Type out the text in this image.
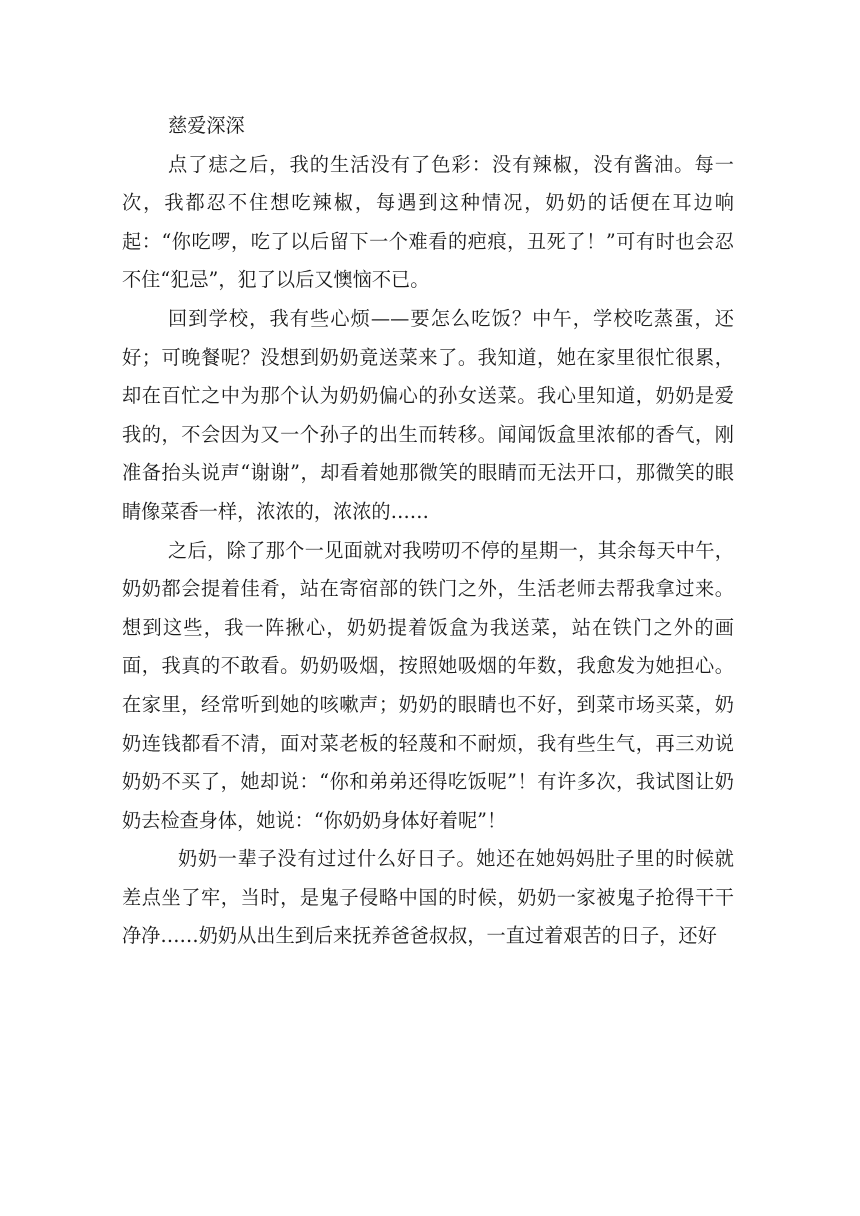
慈爱深深

点了痣之后，我的生活没有了色彩：没有辣椒，没有酱油。每一次，我都忍不住想吃辣椒，每遇到这种情况，奶奶的话便在耳边响起：“你吃啰，吃了以后留下一个难看的疤痕，丑死了！”可有时也会忍不住“犯忌”，犯了以后又懊恼不已。

回到学校，我有些心烦——要怎么吃饭？中午，学校吃蒸蛋，还好；可晚餐呢？没想到奶奶竟送菜来了。我知道，她在家里很忙很累，却在百忙之中为那个认为奶奶偏心的孙女送菜。我心里知道，奶奶是爱我的，不会因为又一个孙子的出生而转移。闻闻饭盒里浓郁的香气，刚准备抬头说声“谢谢”，却看着她那微笑的眼睛而无法开口，那微笑的眼睛像菜香一样，浓浓的，浓浓的……

之后，除了那个一见面就对我唠叨不停的星期一，其余每天中午，奶奶都会提着佳肴，站在寄宿部的铁门之外，生活老师去帮我拿过来。想到这些，我一阵揪心，奶奶提着饭盒为我送菜，站在铁门之外的画面，我真的不敢看。奶奶吸烟，按照她吸烟的年数，我愈发为她担心。在家里，经常听到她的咳嗽声；奶奶的眼睛也不好，到菜市场买菜，奶奶连钱都看不清，面对菜老板的轻蔑和不耐烦，我有些生气，再三劝说奶奶不买了，她却说：“你和弟弟还得吃饭呢”！有许多次，我试图让奶奶去检查身体，她说：“你奶奶身体好着呢”！

奶奶一辈子没有过过什么好日子。她还在她妈妈肚子里的时候就差点坐了牢，当时，是鬼子侵略中国的时候，奶奶一家被鬼子抢得干干净净……奶奶从出生到后来抚养爸爸叔叔，一直过着艰苦的日子，还好
